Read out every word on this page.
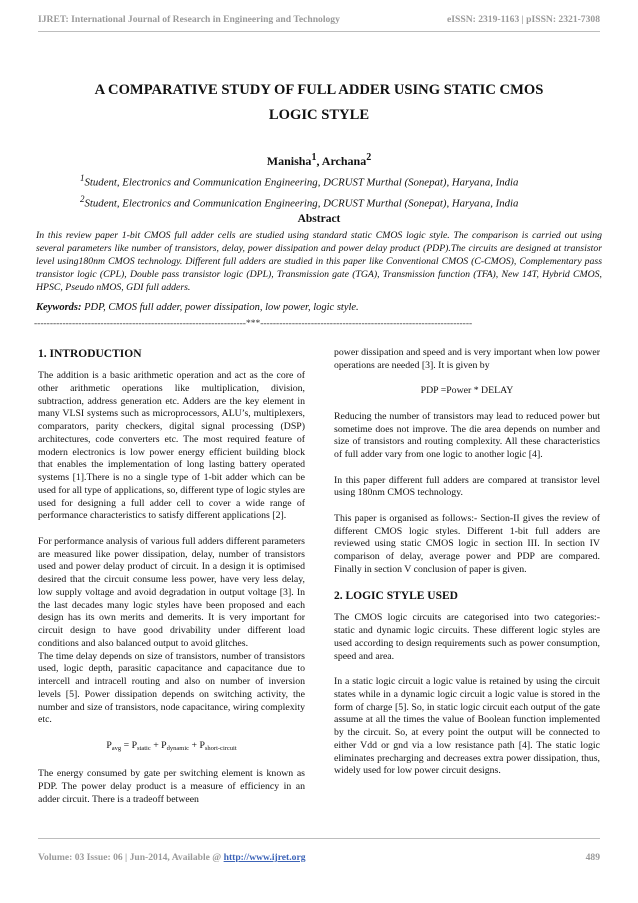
IJRET: International Journal of Research in Engineering and Technology	eISSN: 2319-1163 | pISSN: 2321-7308
A COMPARATIVE STUDY OF FULL ADDER USING STATIC CMOS
LOGIC STYLE
Manisha$^1$, Archana$^2$
$^1$Student, Electronics and Communication Engineering, DCRUST Murthal (Sonepat), Haryana, India
$^2$Student, Electronics and Communication Engineering, DCRUST Murthal (Sonepat), Haryana, India
Abstract

In this review paper 1-bit CMOS full adder cells are studied using standard static CMOS logic style. The comparison is carried out using several parameters like number of transistors, delay, power dissipation and power delay product (PDP).The circuits are designed at transistor level using180nm CMOS technology. Different full adders are studied in this paper like Conventional CMOS (C-CMOS), Complementary pass transistor logic (CPL), Double pass transistor logic (DPL), Transmission gate (TGA), Transmission function (TFA), New 14T, Hybrid CMOS, HPSC, Pseudo nMOS, GDI full adders.

Keywords: PDP, CMOS full adder, power dissipation, low power, logic style.
-------------------------------------------------------------------***-------------------------------------------------------------------
1. INTRODUCTION

The addition is a basic arithmetic operation and act as the core of other arithmetic operations like multiplication, division, subtraction, address generation etc. Adders are the key element in many VLSI systems such as microprocessors, ALU’s, multiplexers, comparators, parity checkers, digital signal processing (DSP) architectures, code converters etc. The most required feature of modern electronics is low power energy efficient building block that enables the implementation of long lasting battery operated systems [1].There is no a single type of 1-bit adder which can be used for all type of applications, so, different type of logic styles are used for designing a full adder cell to cover a wide range of performance characteristics to satisfy different applications [2].

For performance analysis of various full adders different parameters are measured like power dissipation, delay, number of transistors used and power delay product of circuit. In a design it is optimised desired that the circuit consume less power, have very less delay, low supply voltage and avoid degradation in output voltage [3]. In the last decades many logic styles have been proposed and each design has its own merits and demerits. It is very important for circuit design to have good drivability under different load conditions and also balanced output to avoid glitches.

The time delay depends on size of transistors, number of transistors used, logic depth, parasitic capacitance and capacitance due to intercell and intracell routing and also on number of inversion levels [5]. Power dissipation depends on switching activity, the number and size of transistors, node capacitance, wiring complexity etc.

$P_{avg} = P_{static} + P_{dynamic} + P_{short-circuit}$

The energy consumed by gate per switching element is known as PDP. The power delay product is a measure of efficiency in an adder circuit. There is a tradeoff between

power dissipation and speed and is very important when low power operations are needed [3]. It is given by

PDP =Power * DELAY

Reducing the number of transistors may lead to reduced power but sometime does not improve. The die area depends on number and size of transistors and routing complexity. All these characteristics of full adder vary from one logic to another logic [4].

In this paper different full adders are compared at transistor level using 180nm CMOS technology.

This paper is organised as follows:- Section-II gives the review of different CMOS logic styles. Different 1-bit full adders are reviewed using static CMOS logic in section III. In section IV comparison of delay, average power and PDP are compared. Finally in section V conclusion of paper is given.

2. LOGIC STYLE USED

The CMOS logic circuits are categorised into two categories:- static and dynamic logic circuits. These different logic styles are used according to design requirements such as power consumption, speed and area.

In a static logic circuit a logic value is retained by using the circuit states while in a dynamic logic circuit a logic value is stored in the form of charge [5]. So, in static logic circuit each output of the gate assume at all the times the value of Boolean function implemented by the circuit. So, at every point the output will be connected to either Vdd or gnd via a low resistance path [4]. The static logic eliminates precharging and decreases extra power dissipation, thus, widely used for low power circuit designs.

Volume: 03 Issue: 06 | Jun-2014, Available @ http://www.ijret.org	489
